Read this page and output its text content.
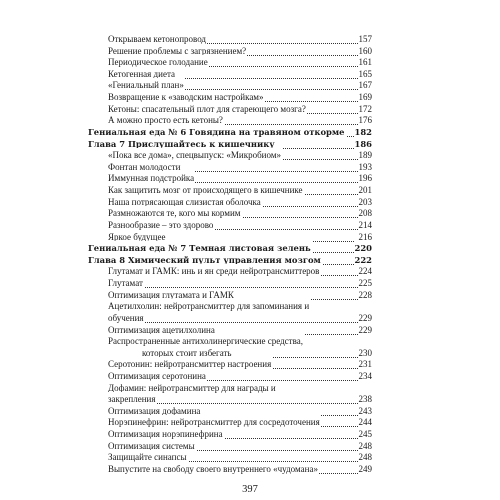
Открываем кетонопровод	157
Решение проблемы с загрязнением?	160
Периодическое голодание	161
Кетогенная диета	165
«Гениальный план»	167
Возвращение к «заводским настройкам»	169
Кетоны: спасательный плот для стареющего мозга?	172
А можно просто есть кетоны?	176
Гениальная еда № 6 Говядина на травяном откорме 182
Глава 7 Прислушайтесь к кишечнику	186
«Пока все дома», спецвыпуск: «Микробиом»	189
Фонтан молодости	193
Иммунная подстройка	196
Как защитить мозг от происходящего в кишечнике	201
Наша потрясающая слизистая оболочка	203
Размножаются те, кого мы кормим	208
Разнообразие – это здорово	214
Яркое будущее	216
Гениальная еда № 7 Темная листовая зелень	220
Глава 8 Химический пульт управления мозгом	222
Глутамат и ГАМК: инь и ян среди нейротрансмиттеров	224
Глутамат	225
Оптимизация глутамата и ГАМК	228
Ацетилхолин: нейротрансмиттер для запоминания и
обучения	229
Оптимизация ацетилхолина	229
Распространенные антихолинергические средства,
которых стоит избегать	230
Серотонин: нейротрансмиттер настроения	231
Оптимизация серотонина	234
Дофамин: нейротрансмиттер для награды и
закрепления	238
Оптимизация дофамина	243
Норэпинефрин: нейротрансмиттер для сосредоточения	244
Оптимизация норэпинефрина	245
Оптимизация системы	248
Защищайте синапсы	248
Выпустите на свободу своего внутреннего «чудомана»	249
397
